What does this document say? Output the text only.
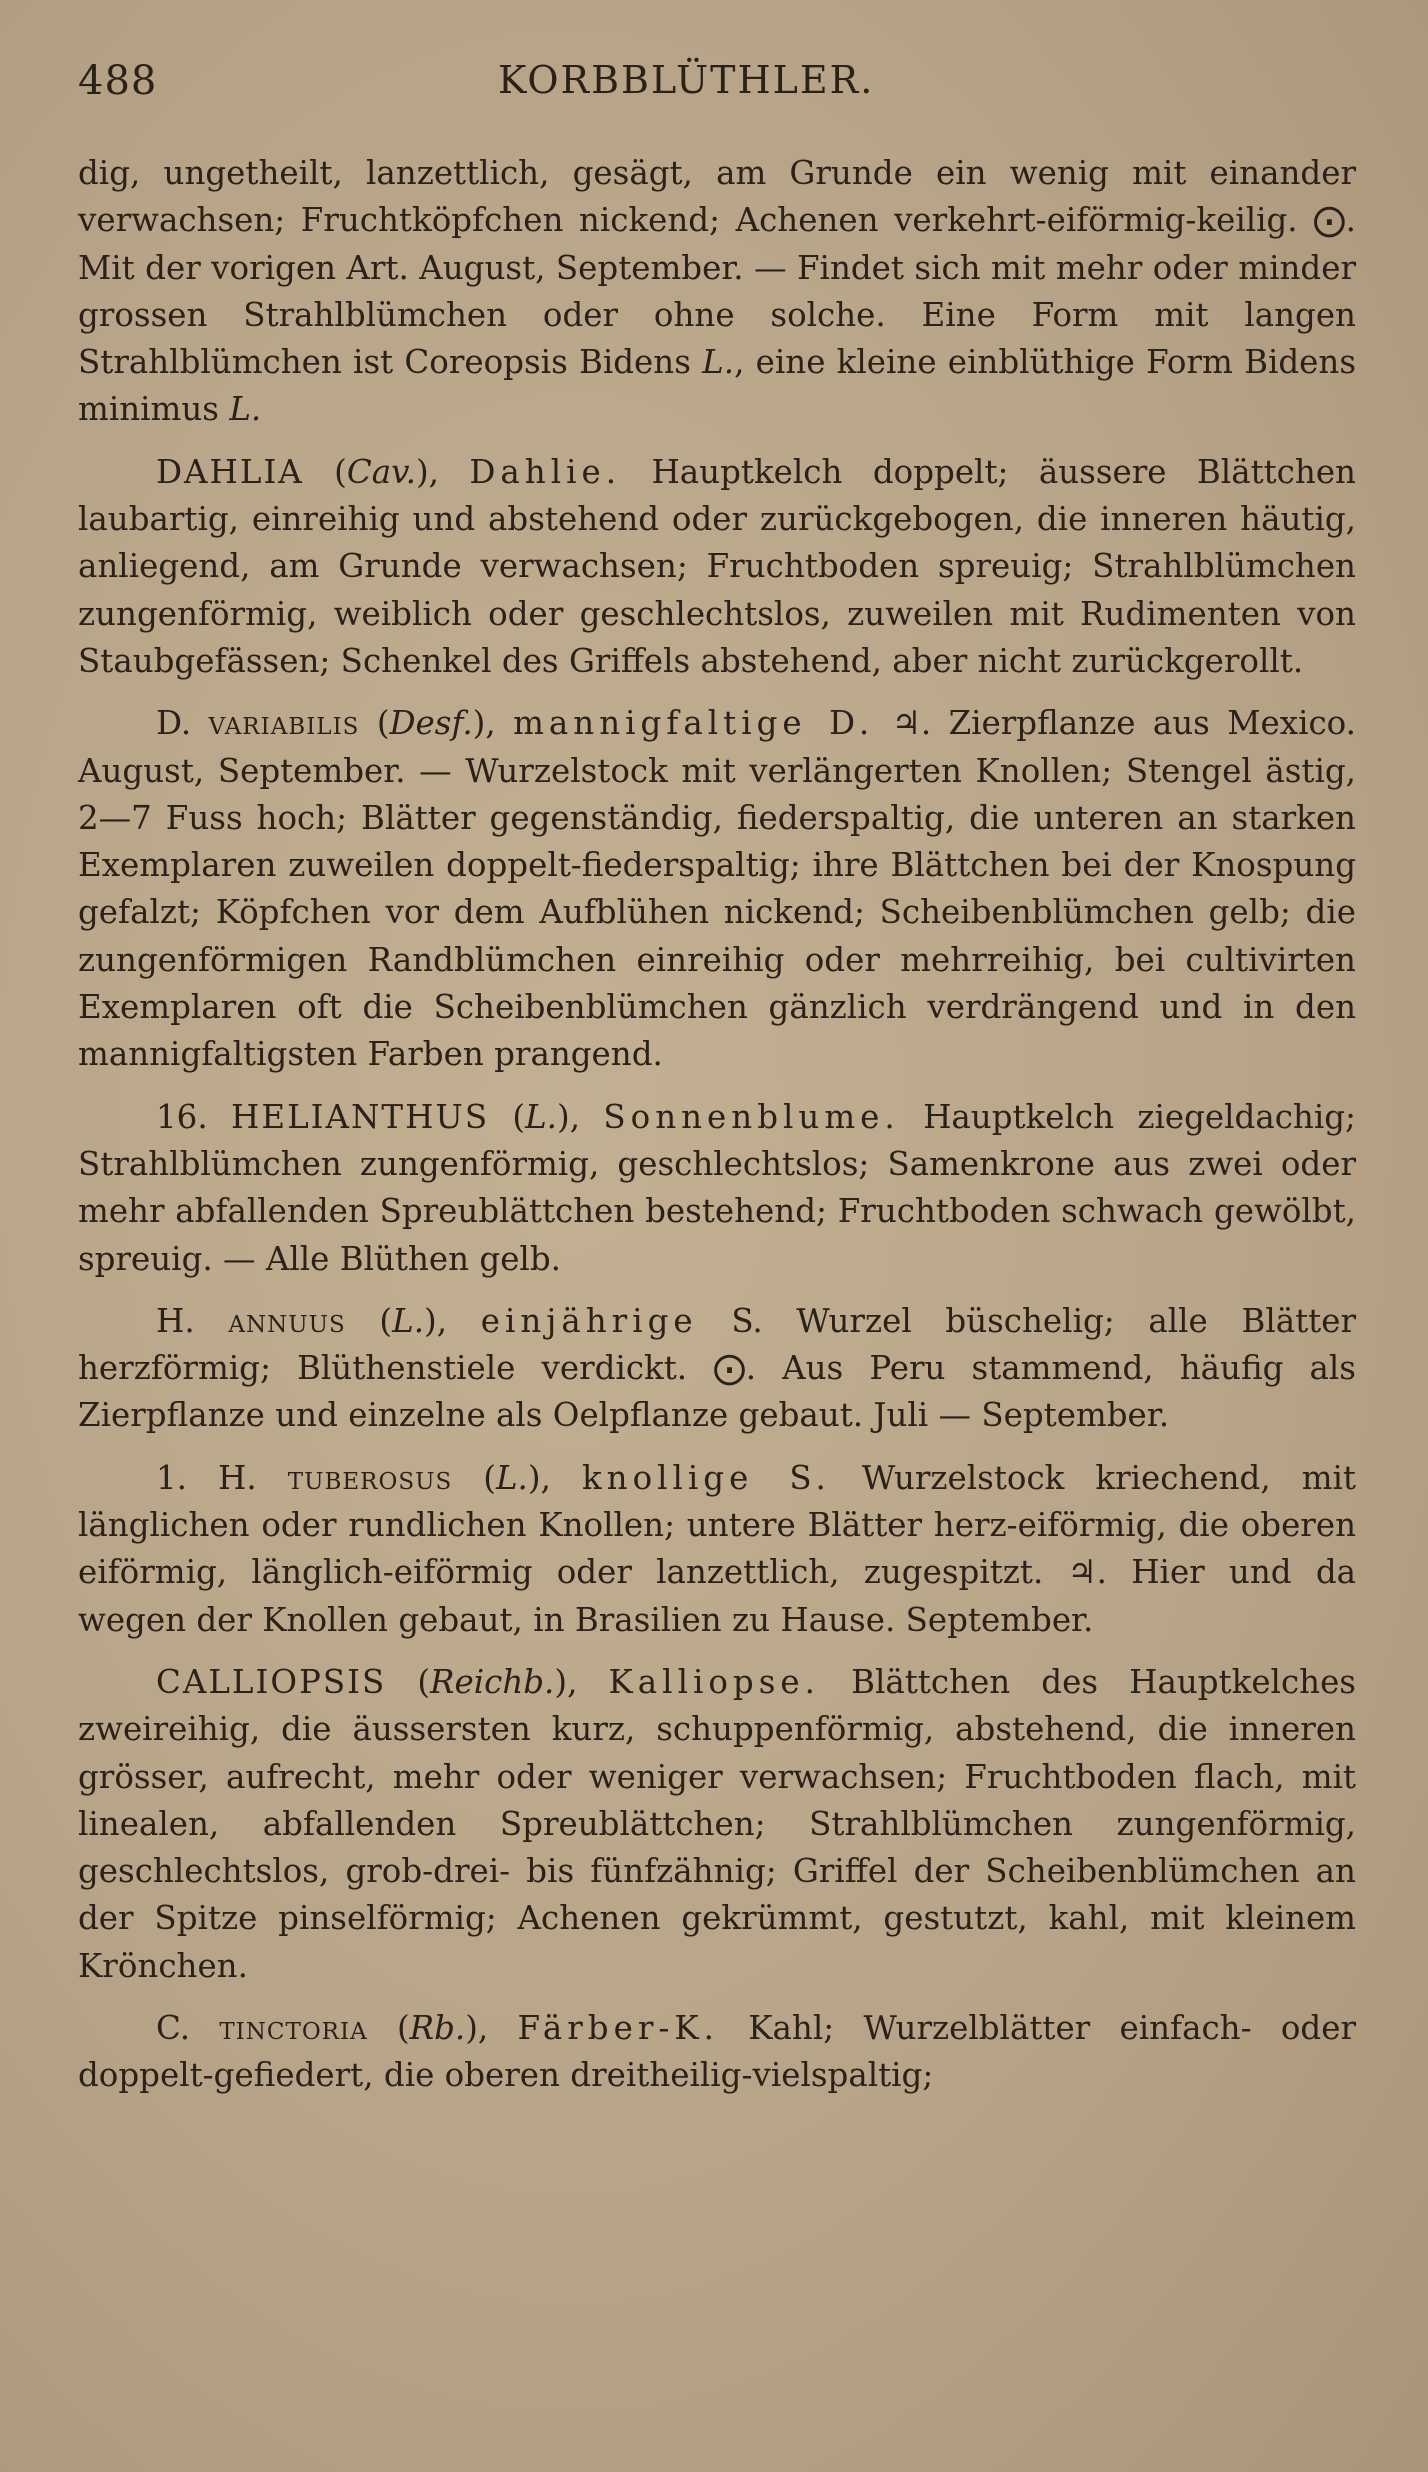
488	KORBBLÜTHLER.

dig, ungetheilt, lanzettlich, gesägt, am Grunde ein wenig mit einander verwachsen; Fruchtköpfchen nickend; Achenen verkehrt-eiförmig-keilig. ⨀. Mit der vorigen Art. August, September. — Findet sich mit mehr oder minder grossen Strahlblümchen oder ohne solche. Eine Form mit langen Strahlblümchen ist Coreopsis Bidens L., eine kleine einblüthige Form Bidens minimus L.

DAHLIA (Cav.), Dahlie. Hauptkelch doppelt; äussere Blättchen laubartig, einreihig und abstehend oder zurückgebogen, die inneren häutig, anliegend, am Grunde verwachsen; Fruchtboden spreuig; Strahlblümchen zungenförmig, weiblich oder geschlechtslos, zuweilen mit Rudimenten von Staubgefässen; Schenkel des Griffels abstehend, aber nicht zurückgerollt.

D. variabilis (Desf.), mannigfaltige D. ♃. Zierpflanze aus Mexico. August, September. — Wurzelstock mit verlängerten Knollen; Stengel ästig, 2—7 Fuss hoch; Blätter gegenständig, fiederspaltig, die unteren an starken Exemplaren zuweilen doppelt-fiederspaltig; ihre Blättchen bei der Knospung gefalzt; Köpfchen vor dem Aufblühen nickend; Scheibenblümchen gelb; die zungenförmigen Randblümchen einreihig oder mehrreihig, bei cultivirten Exemplaren oft die Scheibenblümchen gänzlich verdrängend und in den mannigfaltigsten Farben prangend.

16. HELIANTHUS (L.), Sonnenblume. Hauptkelch ziegeldachig; Strahlblümchen zungenförmig, geschlechtslos; Samenkrone aus zwei oder mehr abfallenden Spreublättchen bestehend; Fruchtboden schwach gewölbt, spreuig. — Alle Blüthen gelb.

H. annuus (L.), einjährige S. Wurzel büschelig; alle Blätter herzförmig; Blüthenstiele verdickt. ⨀. Aus Peru stammend, häufig als Zierpflanze und einzelne als Oelpflanze gebaut. Juli — September.

1. H. tuberosus (L.), knollige S. Wurzelstock kriechend, mit länglichen oder rundlichen Knollen; untere Blätter herz-eiförmig, die oberen eiförmig, länglich-eiförmig oder lanzettlich, zugespitzt. ♃. Hier und da wegen der Knollen gebaut, in Brasilien zu Hause. September.

CALLIOPSIS (Reichb.), Kalliopse. Blättchen des Hauptkelches zweireihig, die äussersten kurz, schuppenförmig, abstehend, die inneren grösser, aufrecht, mehr oder weniger verwachsen; Fruchtboden flach, mit linealen, abfallenden Spreublättchen; Strahlblümchen zungenförmig, geschlechtslos, grob-drei- bis fünfzähnig; Griffel der Scheibenblümchen an der Spitze pinselförmig; Achenen gekrümmt, gestutzt, kahl, mit kleinem Krönchen.

C. tinctoria (Rb.), Färber-K. Kahl; Wurzelblätter einfach- oder doppelt-gefiedert, die oberen dreitheilig-vielspaltig;
